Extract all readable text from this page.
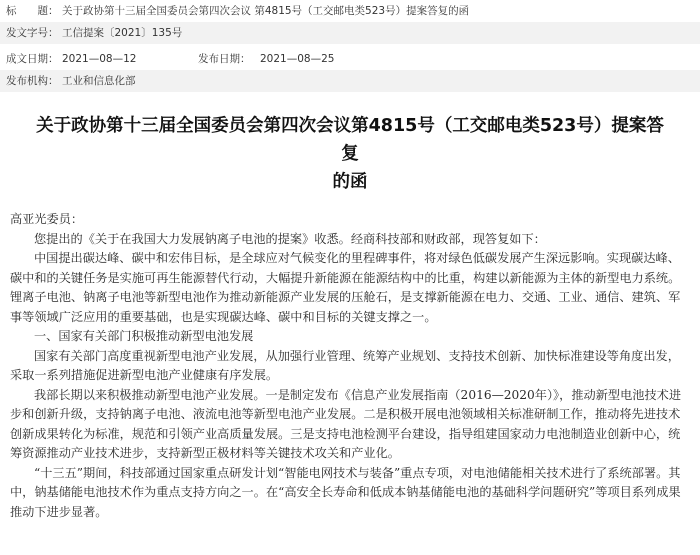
标　　题： 关于政协第十三届全国委员会第四次会议 第4815号（工交邮电类523号）提案答复的函
发文字号： 工信提案〔2021〕135号
成文日期： 2021—08—12	发布日期： 2021—08—25
发布机构： 工业和信息化部
关于政协第十三届全国委员会第四次会议第4815号（工交邮电类523号）提案答复
的函

高亚光委员：

您提出的《关于在我国大力发展钠离子电池的提案》收悉。经商科技部和财政部，现答复如下：

中国提出碳达峰、碳中和宏伟目标，是全球应对气候变化的里程碑事件，将对绿色低碳发展产生深远影响。实现碳达峰、碳中和的关键任务是实施可再生能源替代行动，大幅提升新能源在能源结构中的比重，构建以新能源为主体的新型电力系统。锂离子电池、钠离子电池等新型电池作为推动新能源产业发展的压舱石，是支撑新能源在电力、交通、工业、通信、建筑、军事等领域广泛应用的重要基础，也是实现碳达峰、碳中和目标的关键支撑之一。

一、国家有关部门积极推动新型电池发展

国家有关部门高度重视新型电池产业发展，从加强行业管理、统筹产业规划、支持技术创新、加快标准建设等角度出发，采取一系列措施促进新型电池产业健康有序发展。

我部长期以来积极推动新型电池产业发展。一是制定发布《信息产业发展指南（2016—2020年）》，推动新型电池技术进步和创新升级，支持钠离子电池、液流电池等新型电池产业发展。二是积极开展电池领域相关标准研制工作，推动将先进技术创新成果转化为标准，规范和引领产业高质量发展。三是支持电池检测平台建设，指导组建国家动力电池制造业创新中心，统筹资源推动产业技术进步，支持新型正极材料等关键技术攻关和产业化。

“十三五”期间，科技部通过国家重点研发计划“智能电网技术与装备”重点专项，对电池储能相关技术进行了系统部署。其中，钠基储能电池技术作为重点支持方向之一。在“高安全长寿命和低成本钠基储能电池的基础科学问题研究”等项目系列成果推动下进步显著。
